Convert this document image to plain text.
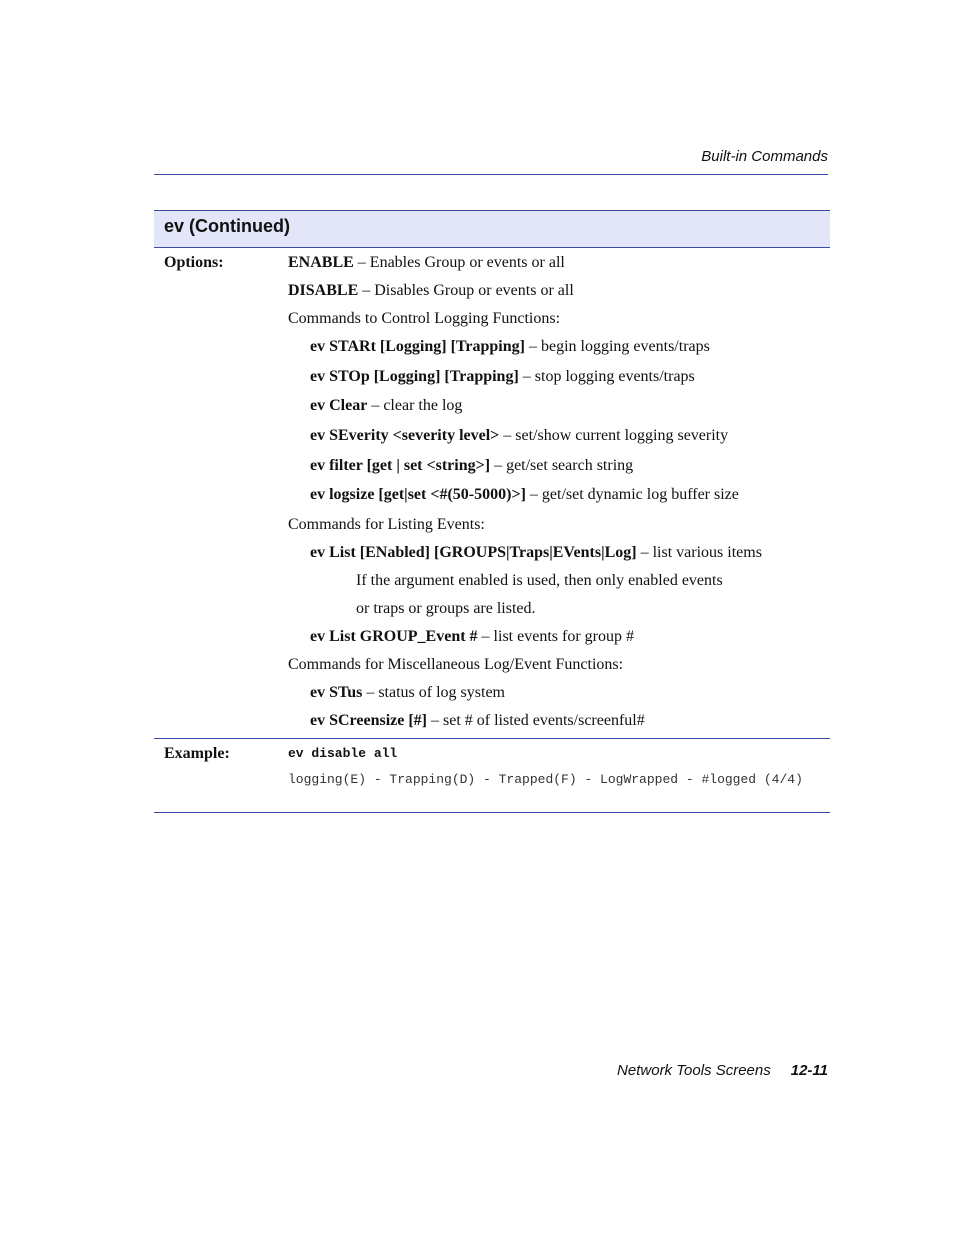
Built-in Commands
ev (Continued)
Options:	ENABLE – Enables Group or events or all
DISABLE – Disables Group or events or all
Commands to Control Logging Functions:
ev STARt [Logging] [Trapping] – begin logging events/traps
ev STOp [Logging] [Trapping] – stop logging events/traps
ev Clear – clear the log
ev SEverity <severity level> – set/show current logging severity
ev filter [get | set <string>] – get/set search string
ev logsize [get|set <#(50-5000)>] – get/set dynamic log buffer size
Commands for Listing Events:
ev List [ENabled] [GROUPS|Traps|EVents|Log] – list various items
If the argument enabled is used, then only enabled events
or traps or groups are listed.
ev List GROUP_Event # – list events for group #
Commands for Miscellaneous Log/Event Functions:
ev STus – status of log system
ev SCreensize [#] – set # of listed events/screenful#
Example:	ev disable all
logging(E) - Trapping(D) - Trapped(F) - LogWrapped - #logged (4/4)
Network Tools Screens 12-11
